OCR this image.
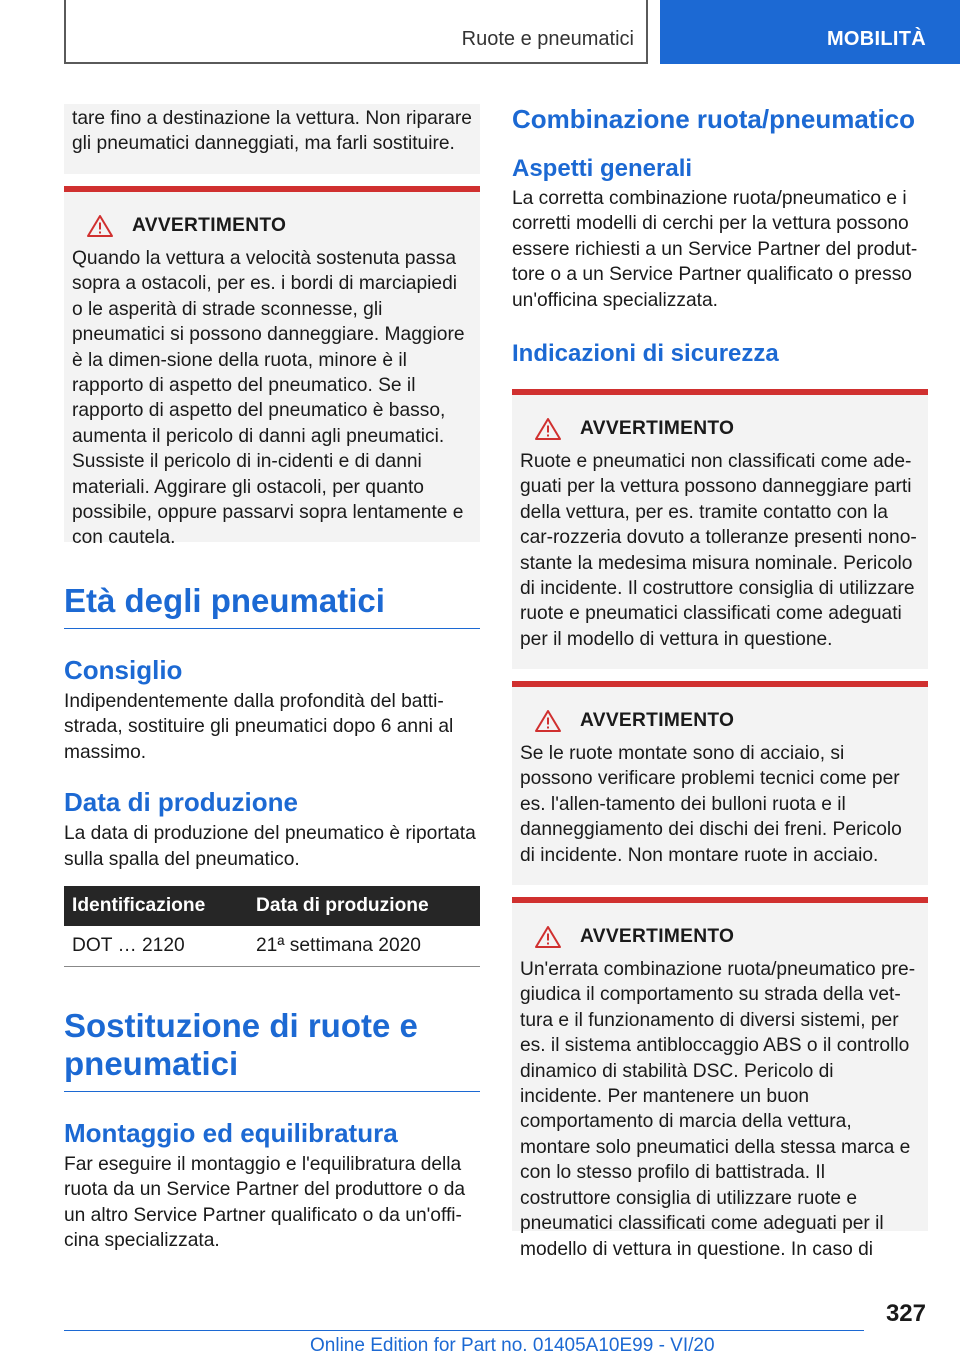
Ruote e pneumatici	MOBILITÀ

tare fino a destinazione la vettura. Non riparare gli pneumatici danneggiati, ma farli sostituire.

AVVERTIMENTO

Quando la vettura a velocità sostenuta passa sopra a ostacoli, per es. i bordi di marciapiedi o le asperità di strade sconnesse, gli pneumatici si possono danneggiare. Maggiore è la dimen-sione della ruota, minore è il rapporto di aspetto del pneumatico. Se il rapporto di aspetto del pneumatico è basso, aumenta il pericolo di danni agli pneumatici. Sussiste il pericolo di in-cidenti e di danni materiali. Aggirare gli ostacoli, per quanto possibile, oppure passarvi sopra lentamente e con cautela.

Età degli pneumatici
Consiglio

Indipendentemente dalla profondità del batti-strada, sostituire gli pneumatici dopo 6 anni al massimo.

Data di produzione

La data di produzione del pneumatico è riportata sulla spalla del pneumatico.

Identificazione	Data di produzione
DOT … 2120	21ª settimana 2020
Sostituzione di ruote e pneumatici
Montaggio ed equilibratura

Far eseguire il montaggio e l'equilibratura della ruota da un Service Partner del produttore o da un altro Service Partner qualificato o da un'offi-cina specializzata.

Combinazione ruota/pneumatico
Aspetti generali

La corretta combinazione ruota/pneumatico e i corretti modelli di cerchi per la vettura possono essere richiesti a un Service Partner del produt-tore o a un Service Partner qualificato o presso un'officina specializzata.

Indicazioni di sicurezza
AVVERTIMENTO

Ruote e pneumatici non classificati come ade-guati per la vettura possono danneggiare parti della vettura, per es. tramite contatto con la car-rozzeria dovuto a tolleranze presenti nono-stante la medesima misura nominale. Pericolo di incidente. Il costruttore consiglia di utilizzare ruote e pneumatici classificati come adeguati per il modello di vettura in questione.

AVVERTIMENTO

Se le ruote montate sono di acciaio, si possono verificare problemi tecnici come per es. l'allen-tamento dei bulloni ruota e il danneggiamento dei dischi dei freni. Pericolo di incidente. Non montare ruote in acciaio.

AVVERTIMENTO

Un'errata combinazione ruota/pneumatico pre-giudica il comportamento su strada della vet-tura e il funzionamento di diversi sistemi, per es. il sistema antibloccaggio ABS o il controllo dinamico di stabilità DSC. Pericolo di incidente. Per mantenere un buon comportamento di marcia della vettura, montare solo pneumatici della stessa marca e con lo stesso profilo di battistrada. Il costruttore consiglia di utilizzare ruote e pneumatici classificati come adeguati per il modello di vettura in questione. In caso di

327
Online Edition for Part no. 01405A10E99 - VI/20
